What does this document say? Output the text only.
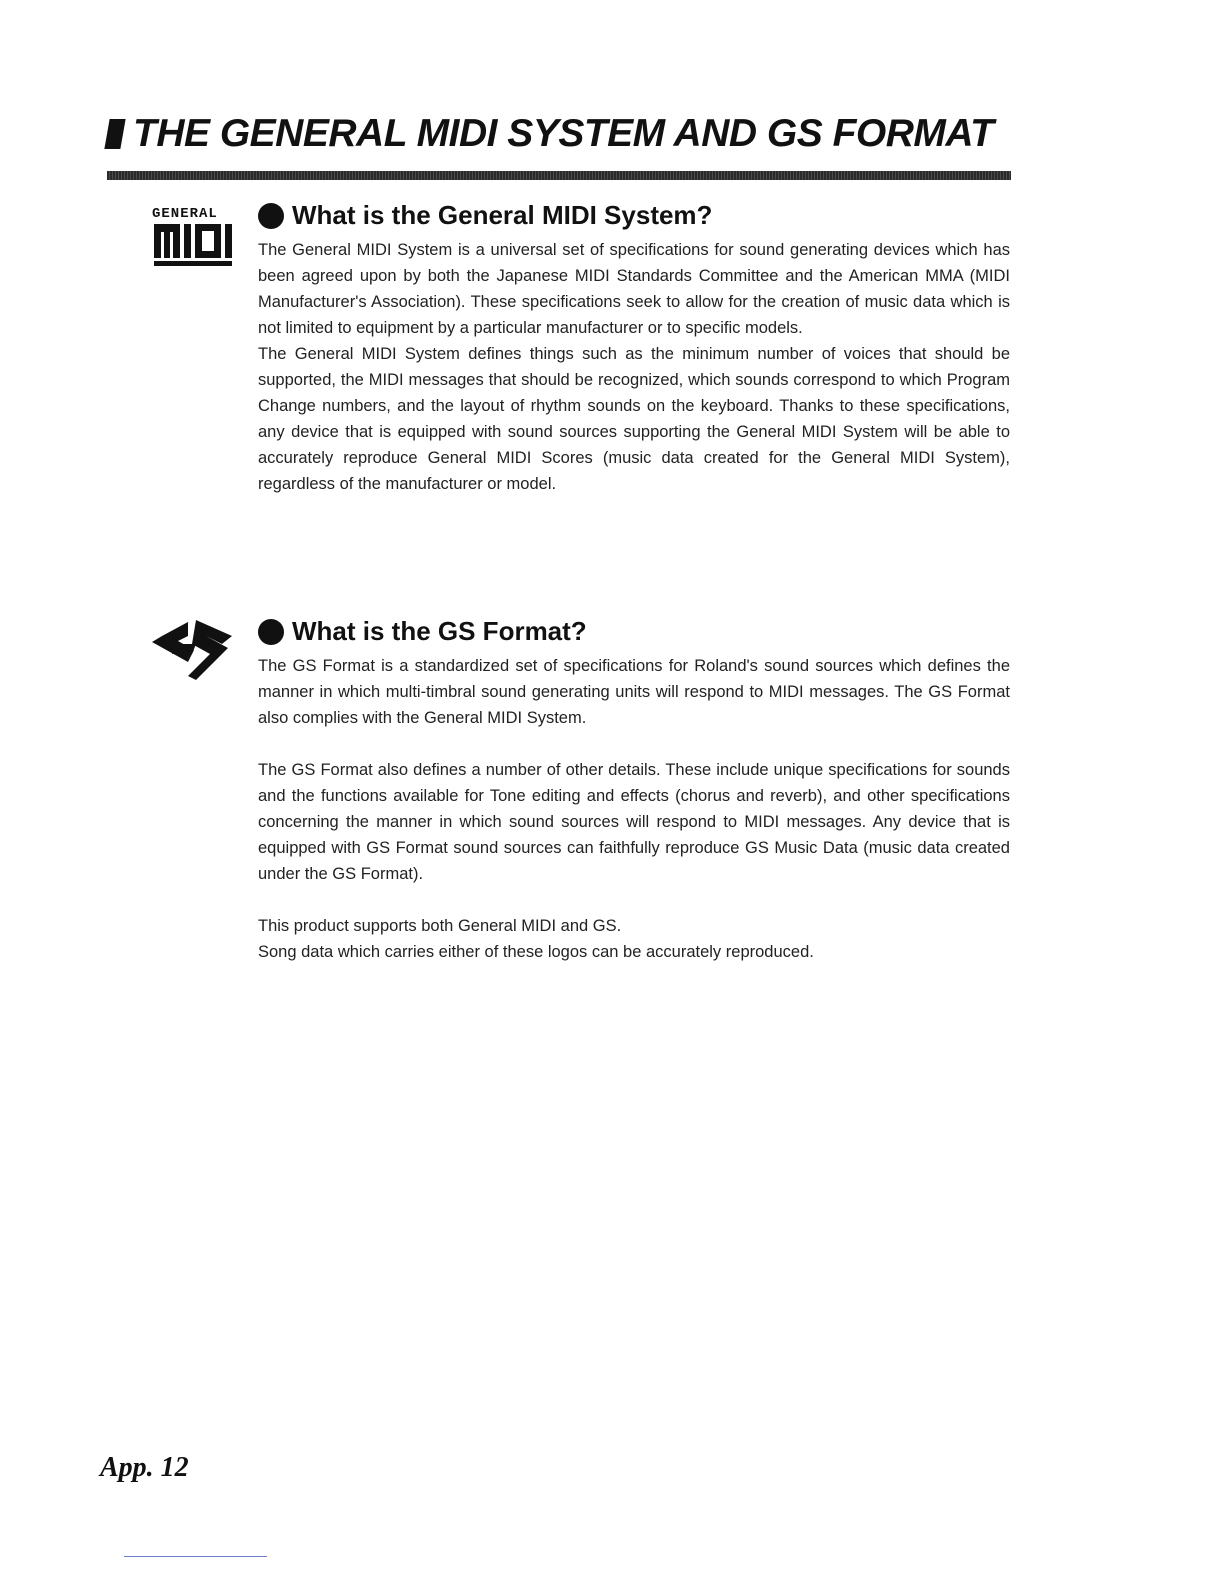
THE GENERAL MIDI SYSTEM AND GS FORMAT
GENERAL	What is the General MIDI System?

The General MIDI System is a universal set of specifications for sound generating devices which has been agreed upon by both the Japanese MIDI Standards Committee and the American MMA (MIDI Manufacturer's Association). These specifications seek to allow for the creation of music data which is not limited to equipment by a particular manufacturer or to specific models.

The General MIDI System defines things such as the minimum number of voices that should be supported, the MIDI messages that should be recognized, which sounds correspond to which Program Change numbers, and the layout of rhythm sounds on the keyboard. Thanks to these specifications, any device that is equipped with sound sources supporting the General MIDI System will be able to accurately reproduce General MIDI Scores (music data created for the General MIDI System), regardless of the manufacturer or model.

What is the GS Format?

The GS Format is a standardized set of specifications for Roland's sound sources which defines the manner in which multi-timbral sound generating units will respond to MIDI messages. The GS Format also complies with the General MIDI System.

The GS Format also defines a number of other details. These include unique specifications for sounds and the functions available for Tone editing and effects (chorus and reverb), and other specifications concerning the manner in which sound sources will respond to MIDI messages. Any device that is equipped with GS Format sound sources can faithfully reproduce GS Music Data (music data created under the GS Format).

This product supports both General MIDI and GS.

Song data which carries either of these logos can be accurately reproduced.

App. 12
